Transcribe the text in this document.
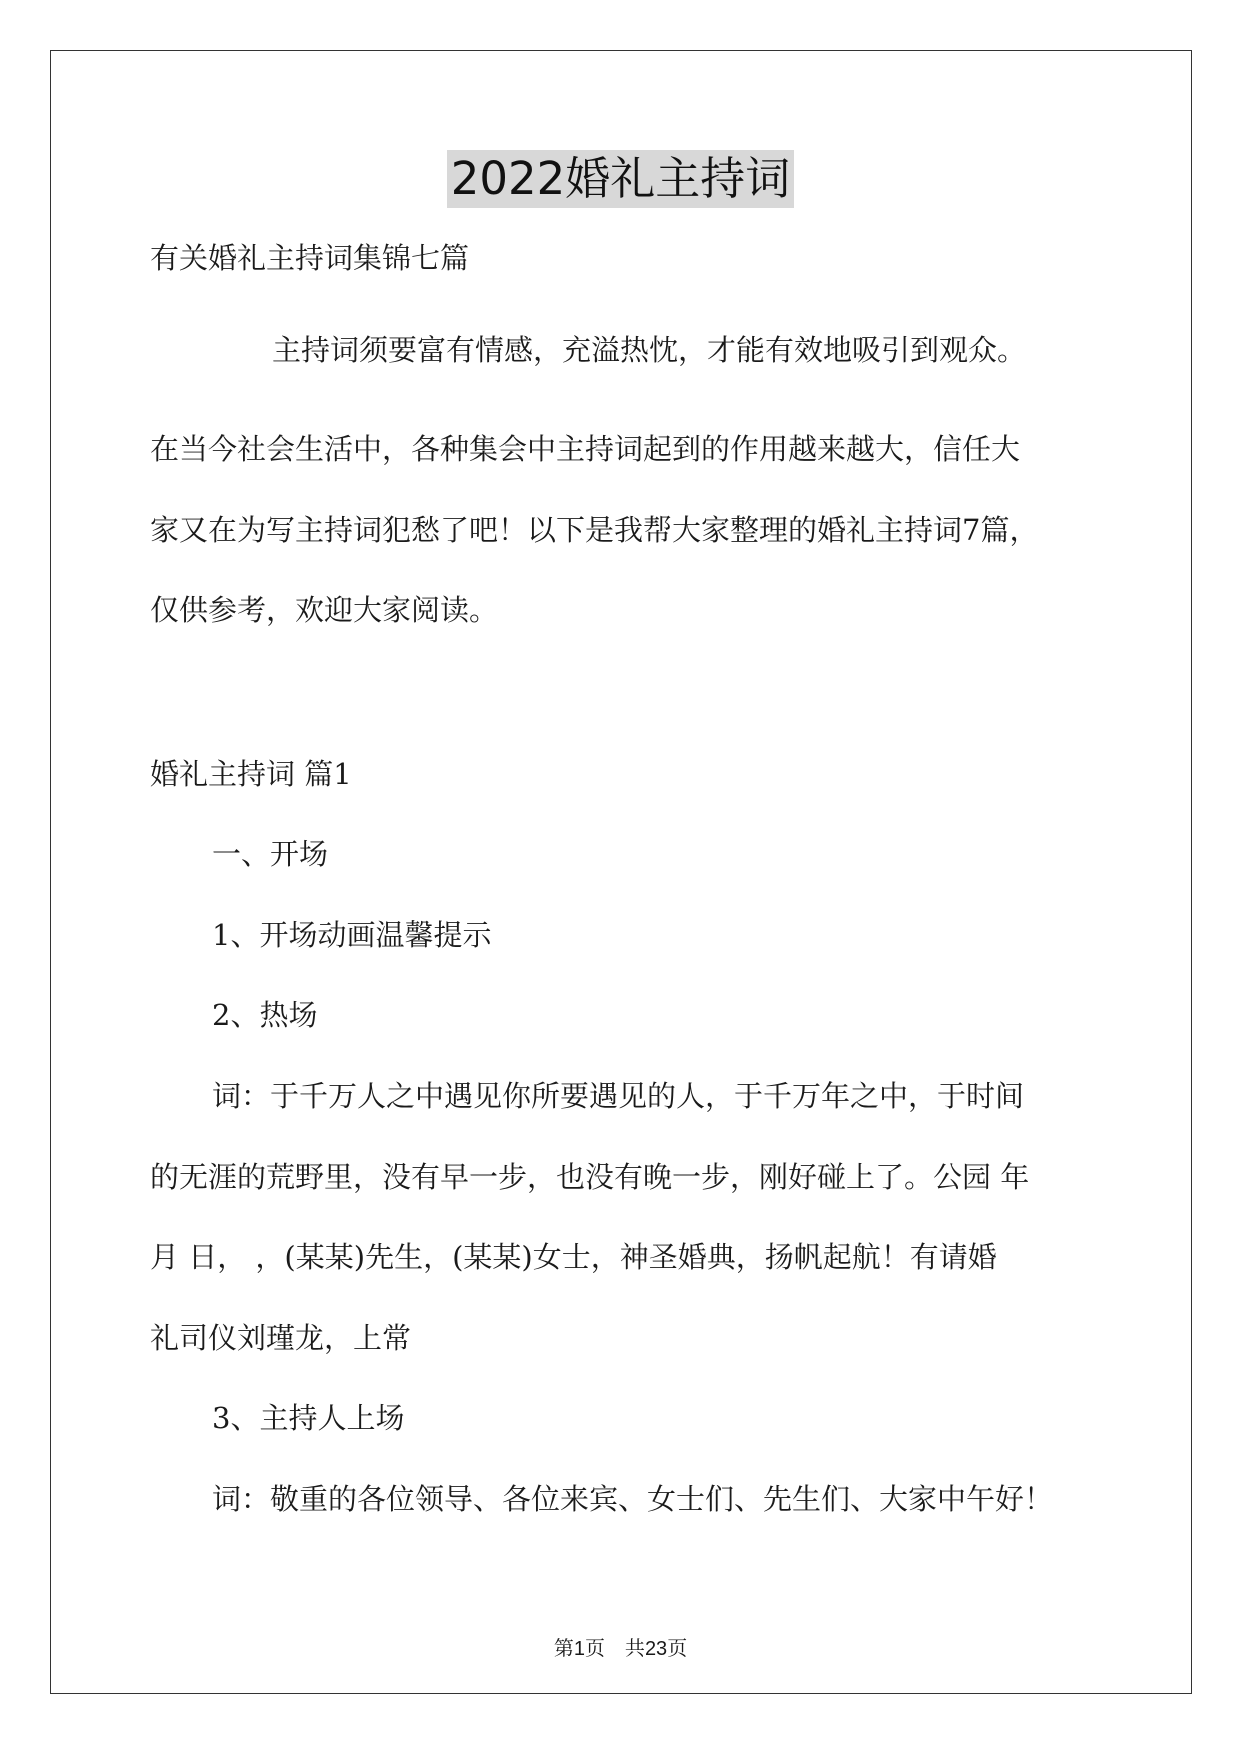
2022婚礼主持词
有关婚礼主持词集锦七篇
主持词须要富有情感，充溢热忱，才能有效地吸引到观众。
在当今社会生活中，各种集会中主持词起到的作用越来越大，信任大
家又在为写主持词犯愁了吧！以下是我帮大家整理的婚礼主持词7篇，
仅供参考，欢迎大家阅读。
婚礼主持词 篇1
一、开场
1、开场动画温馨提示
2、热场
词：于千万人之中遇见你所要遇见的人，于千万年之中，于时间
的无涯的荒野里，没有早一步，也没有晚一步，刚好碰上了。公园 年
月 日， ，(某某)先生，(某某)女士，神圣婚典，扬帆起航！有请婚
礼司仪刘瑾龙，上常
3、主持人上场
词：敬重的各位领导、各位来宾、女士们、先生们、大家中午好！
第1页　共23页
